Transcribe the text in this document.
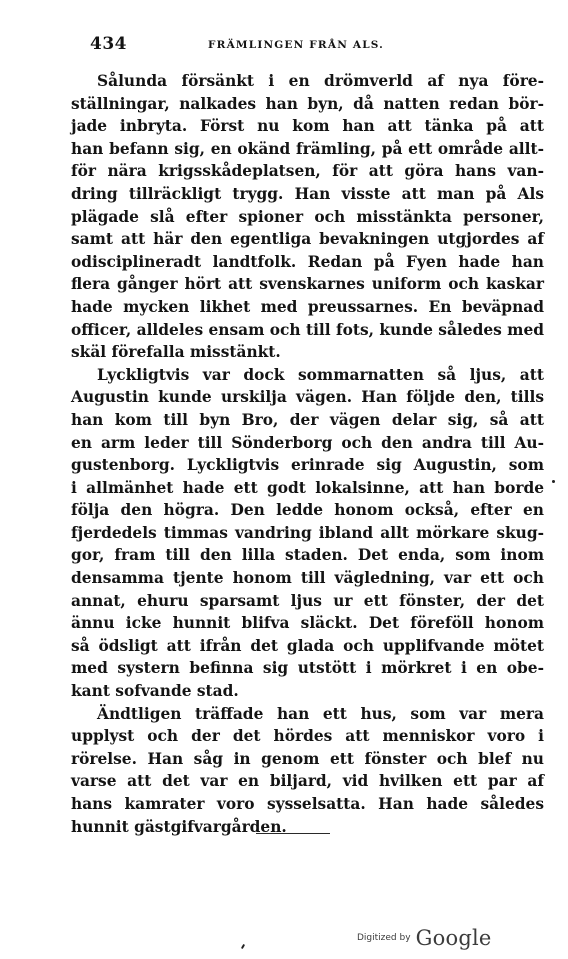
434	FRÄMLINGEN FRÅN ALS.
Sålunda försänkt i en drömverld af nya före-
ställningar, nalkades han byn, då natten redan bör-
jade inbryta. Först nu kom han att tänka på att
han befann sig, en okänd främling, på ett område allt-
för nära krigsskådeplatsen, för att göra hans van-
dring tillräckligt trygg. Han visste att man på Als
plägade slå efter spioner och misstänkta personer,
samt att här den egentliga bevakningen utgjordes af
odisciplineradt landtfolk. Redan på Fyen hade han
flera gånger hört att svenskarnes uniform och kaskar
hade mycken likhet med preussarnes. En beväpnad
officer, alldeles ensam och till fots, kunde således med
skäl förefalla misstänkt.
Lyckligtvis var dock sommarnatten så ljus, att
Augustin kunde urskilja vägen. Han följde den, tills
han kom till byn Bro, der vägen delar sig, så att
en arm leder till Sönderborg och den andra till Au-
gustenborg. Lyckligtvis erinrade sig Augustin, som
i allmänhet hade ett godt lokalsinne, att han borde
följa den högra. Den ledde honom också, efter en
fjerdedels timmas vandring ibland allt mörkare skug-
gor, fram till den lilla staden. Det enda, som inom
densamma tjente honom till vägledning, var ett och
annat, ehuru sparsamt ljus ur ett fönster, der det
ännu icke hunnit blifva släckt. Det föreföll honom
så ödsligt att ifrån det glada och upplifvande mötet
med systern befinna sig utstött i mörkret i en obe-
kant sofvande stad.
Ändtligen träffade han ett hus, som var mera
upplyst och der det hördes att menniskor voro i
rörelse. Han såg in genom ett fönster och blef nu
varse att det var en biljard, vid hvilken ett par af
hans kamrater voro sysselsatta. Han hade således
hunnit gästgifvargården.
Digitized by Google
